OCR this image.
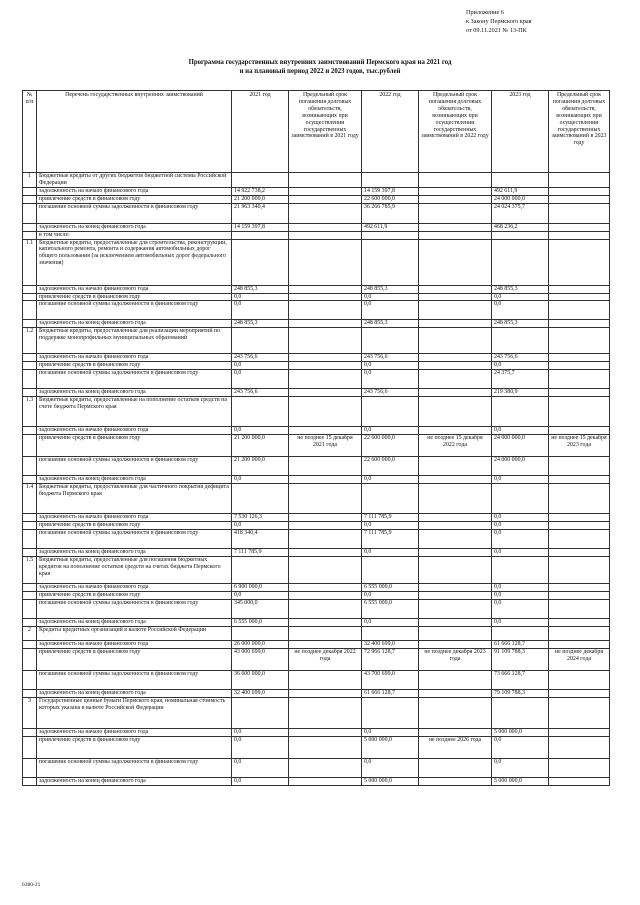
Приложение 6
к Закону Пермского края
от 09.11.2021 № 13-ПК
Программа государственных внутренних заимствований Пермского края на 2021 год
и на плановый период 2022 и 2023 годов, тыс.рублей
№ п/п	Перечень государственных внутренних заимствований	2021 год	Предельный срок погашения долговых обязательств, возникающих при осуществлении государственных заимствований в 2021 году	2022 год	Предельный срок погашения долговых обязательств, возникающих при осуществлении государственных заимствований в 2022 году	2023 год	Предельный срок погашения долговых обязательств, возникающих при осуществлении государственных заимствований в 2023 году
1	Бюджетные кредиты от других бюджетов бюджетной системы Российской Федерации						
	задолженность на начало финансового года	14 922 738,2		14 159 397,8		492 611,9	
	привлечение средств в финансовом году	21 200 000,0		22 600 000,0		24 000 000,0	
	погашение основной суммы задолженности в финансовом году	21 963 340,4		36 266 785,9		24 024 375,7	
	задолженность на конец финансового года	14 159 397,8		492 611,9		468 236,2	
	в том числе:						
1.1	Бюджетные кредиты, предоставленные для строительства, реконструкции, капитального ремонта, ремонта и содержания автомобильных дорог общего пользования (за исключением автомобильных дорог федерального значения)						
	задолженность на начало финансового года	248 855,3		248 855,3		248 855,3	
	привлечение средств в финансовом году	0,0		0,0		0,0	
	погашение основной суммы задолженности в финансовом году	0,0		0,0		0,0	
	задолженность на конец финансового года	248 855,3		248 855,3		248 855,3	
1.2	Бюджетные кредиты, предоставленные для реализации мероприятий по поддержке монопрофильных муниципальных образований						
	задолженность на начало финансового года	243 756,6		243 756,6		243 756,6	
	привлечение средств в финансовом году	0,0		0,0		0,0	
	погашение основной суммы задолженности в финансовом году	0,0		0,0		24 375,7	
	задолженность на конец финансового года	243 756,6		243 756,6		219 380,9	
1.3	Бюджетные кредиты, предоставленные на пополнение остатков средств на счете бюджета Пермского края						
	задолженность на начало финансового года	0,0		0,0		0,0	
	привлечение средств в финансовом году	21 200 000,0	не позднее 15 декабря 2021 года	22 600 000,0	не позднее 15 декабря 2022 года	24 000 000,0	не позднее 15 декабря 2023 года
	погашение основной суммы задолженности в финансовом году	21 200 000,0		22 600 000,0		24 000 000,0	
	задолженность на конец финансового года	0,0		0,0		0,0	
1.4	Бюджетные кредиты, предоставленные для частичного покрытия дефицита бюджета Пермского края						
	задолженность на начало финансового года	7 530 126,3		7 111 785,9		0,0	
	привлечение средств в финансовом году	0,0		0,0		0,0	
	погашение основной суммы задолженности в финансовом году	418 340,4		7 111 785,9		0,0	
	задолженность на конец финансового года	7 111 785,9		0,0		0,0	
1.5	Бюджетные кредиты, предоставленные для погашения бюджетных кредитов на пополнение остатков средств на счетах бюджета Пермского края						
	задолженность на начало финансового года	6 900 000,0		6 555 000,0		0,0	
	привлечение средств в финансовом году	0,0		0,0		0,0	
	погашение основной суммы задолженности в финансовом году	345 000,0		6 555 000,0		0,0	
	задолженность на конец финансового года	6 555 000,0		0,0		0,0	
2	Кредиты кредитных организаций в валюте Российской Федерации						
	задолженность на начало финансового года	26 000 000,0		32 400 699,0		61 666 128,7	
	привлечение средств в финансовом году	43 000 699,0	не позднее декабря 2022 года	72 966 128,7	не позднее декабря 2023 года	91 109 788,3	не позднее декабря 2024 года
	погашение основной суммы задолженности в финансовом году	36 600 000,0		43 700 699,0		73 666 128,7	
	задолженность на конец финансового года	32 400 699,0		61 666 128,7		79 109 788,3	
3	Государственные ценные бумаги Пермского края, номинальная стоимость которых указана в валюте Российской Федерации						
	задолженность на начало финансового года	0,0		0,0		5 000 000,0	
	привлечение средств в финансовом году	0,0		5 000 000,0	не позднее 2026 года	0,0	
	погашение основной суммы задолженности в финансовом году	0,0		0,0		0,0	
	задолженность на конец финансового года	0,0		5 000 000,0		5 000 000,0	
6380-21
